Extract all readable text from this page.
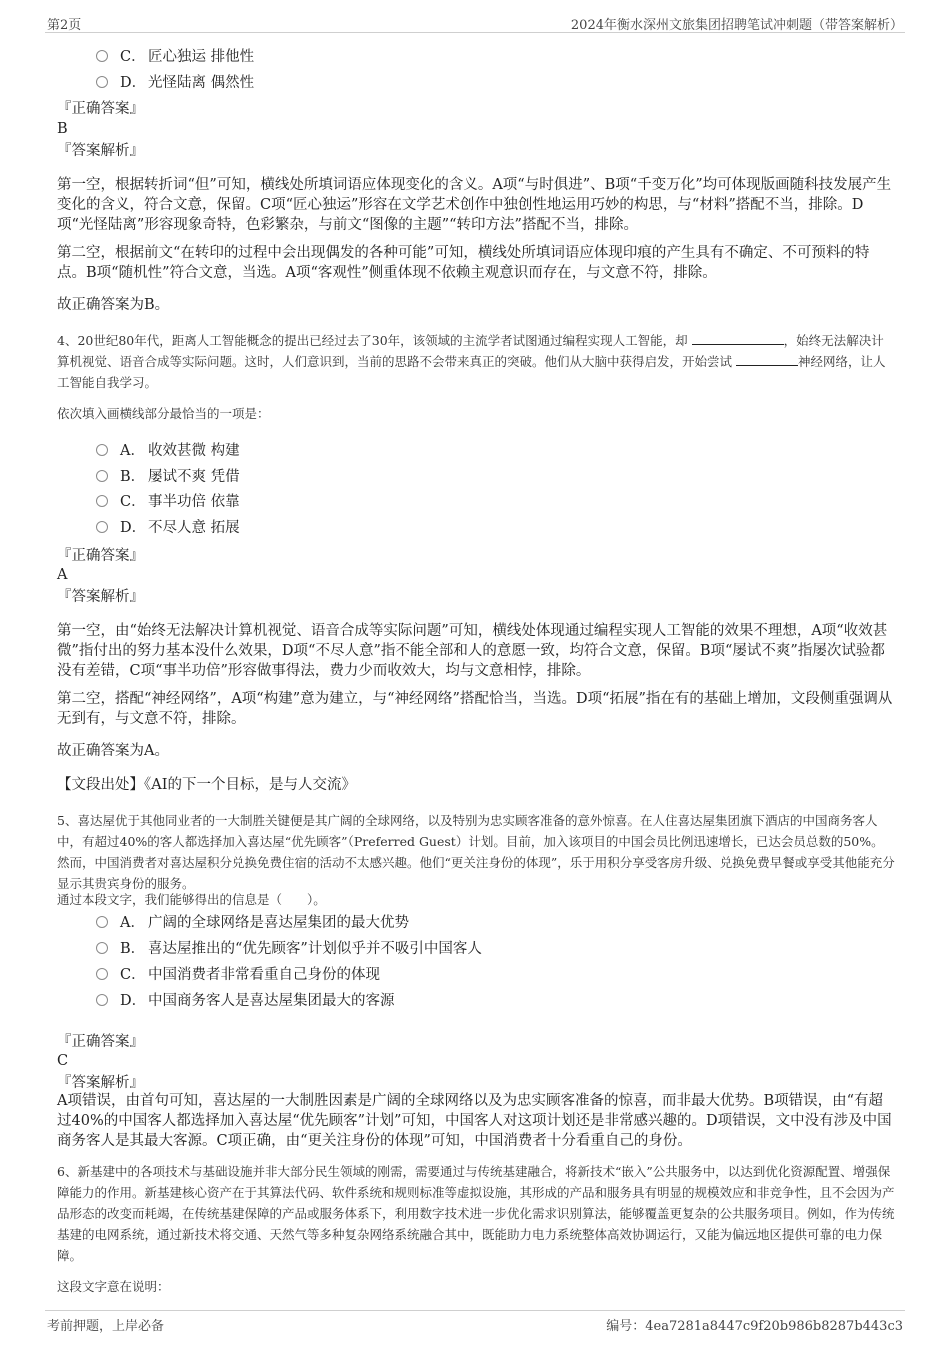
第2页	2024年衡水深州文旅集团招聘笔试冲刺题（带答案解析）
C． 匠心独运 排他性
D． 光怪陆离 偶然性
『正确答案』
B
『答案解析』
第一空，根据转折词“但”可知，横线处所填词语应体现变化的含义。A项“与时俱进”、B项“千变万化”均可体现版画随科技发展产生变化的含义，符合文意，保留。C项“匠心独运”形容在文学艺术创作中独创性地运用巧妙的构思，与“材料”搭配不当，排除。D项“光怪陆离”形容现象奇特，色彩繁杂，与前文“图像的主题”“转印方法”搭配不当，排除。
第二空，根据前文“在转印的过程中会出现偶发的各种可能”可知，横线处所填词语应体现印痕的产生具有不确定、不可预料的特点。B项“随机性”符合文意，当选。A项“客观性”侧重体现不依赖主观意识而存在，与文意不符，排除。
故正确答案为B。
4、20世纪80年代，距离人工智能概念的提出已经过去了30年，该领域的主流学者试图通过编程实现人工智能，却	，始终无法解决计算机视觉、语音合成等实际问题。这时，人们意识到，当前的思路不会带来真正的突破。他们从大脑中获得启发，开始尝试	神经网络，让人工智能自我学习。
依次填入画横线部分最恰当的一项是：
A． 收效甚微 构建
B． 屡试不爽 凭借
C． 事半功倍 依靠
D． 不尽人意 拓展
『正确答案』
A
『答案解析』
第一空，由“始终无法解决计算机视觉、语音合成等实际问题”可知，横线处体现通过编程实现人工智能的效果不理想，A项“收效甚微”指付出的努力基本没什么效果，D项“不尽人意”指不能全部和人的意愿一致，均符合文意，保留。B项“屡试不爽”指屡次试验都没有差错，C项“事半功倍”形容做事得法，费力少而收效大，均与文意相悖，排除。
第二空，搭配“神经网络”，A项“构建”意为建立，与“神经网络”搭配恰当，当选。D项“拓展”指在有的基础上增加，文段侧重强调从无到有，与文意不符，排除。
故正确答案为A。
【文段出处】《AI的下一个目标，是与人交流》
5、喜达屋优于其他同业者的一大制胜关键便是其广阔的全球网络，以及特别为忠实顾客准备的意外惊喜。在人住喜达屋集团旗下酒店的中国商务客人中，有超过40%的客人都选择加入喜达屋“优先顾客”（Preferred Guest）计划。目前，加入该项目的中国会员比例迅速增长，已达会员总数的50%。然而，中国消费者对喜达屋积分兑换免费住宿的活动不太感兴趣。他们“更关注身份的体现”，乐于用积分享受客房升级、兑换免费早餐或享受其他能充分显示其贵宾身份的服务。
通过本段文字，我们能够得出的信息是（　　）。
A． 广阔的全球网络是喜达屋集团的最大优势
B． 喜达屋推出的“优先顾客”计划似乎并不吸引中国客人
C． 中国消费者非常看重自己身份的体现
D． 中国商务客人是喜达屋集团最大的客源
『正确答案』
C
『答案解析』
A项错误，由首句可知，喜达屋的一大制胜因素是广阔的全球网络以及为忠实顾客准备的惊喜，而非最大优势。B项错误，由“有超过40%的中国客人都选择加入喜达屋“优先顾客”计划”可知，中国客人对这项计划还是非常感兴趣的。D项错误，文中没有涉及中国商务客人是其最大客源。C项正确，由“更关注身份的体现”可知，中国消费者十分看重自己的身份。
6、新基建中的各项技术与基础设施并非大部分民生领域的刚需，需要通过与传统基建融合，将新技术“嵌入”公共服务中，以达到优化资源配置、增强保障能力的作用。新基建核心资产在于其算法代码、软件系统和规则标准等虚拟设施，其形成的产品和服务具有明显的规模效应和非竞争性，且不会因为产品形态的改变而耗竭，在传统基建保障的产品或服务体系下，利用数字技术进一步优化需求识别算法，能够覆盖更复杂的公共服务项目。例如，作为传统基建的电网系统，通过新技术将交通、天然气等多种复杂网络系统融合其中，既能助力电力系统整体高效协调运行，又能为偏远地区提供可靠的电力保障。
这段文字意在说明：
考前押题，上岸必备	编号：4ea7281a8447c9f20b986b8287b443c3
